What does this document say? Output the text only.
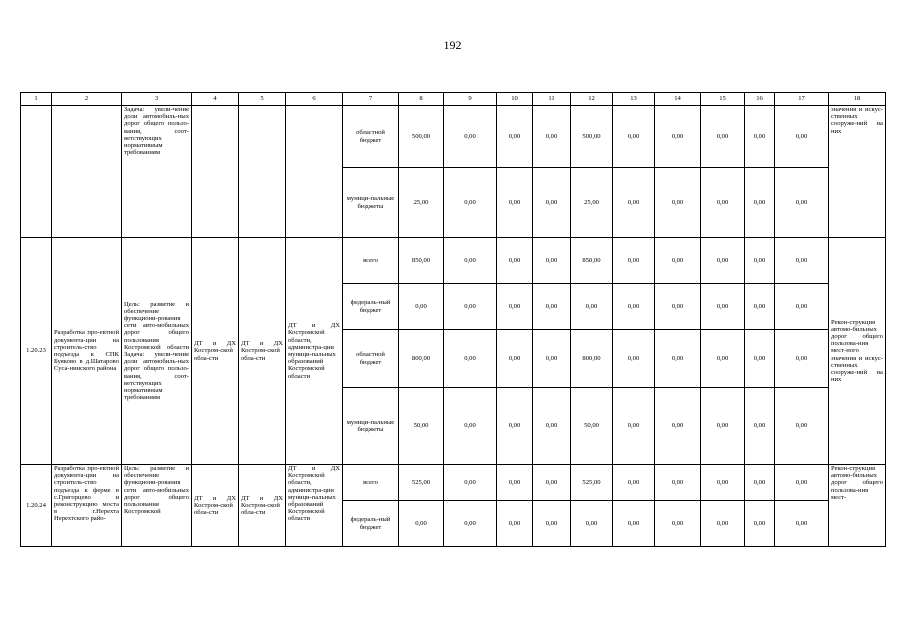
192
1	2	3	4	5	6	7	8	9	10	11	12	13	14	15	16	17	18
		Задача: увели-чение доли автомобиль-ных дорог общего пользо-вания, соот-ветствующих нормативным требованиям				областной бюджет	500,00	0,00	0,00	0,00	500,00	0,00	0,00	0,00	0,00	0,00	значения и искус-ственных сооруже-ний на них
						муници-пальные бюджеты	25,00	0,00	0,00	0,00	25,00	0,00	0,00	0,00	0,00	0,00	
1.20.23	Разработка про-ектной документа-ции на строитель-ство подъезда к СПК Буяково в д.Шатарово Сусa-нинского района	Цель: развитие и обеспечение функциони-рования сети авто-мобильных дорог общего пользования Костромской области Задача: увели-чение доли автомобиль-ных дорог общего пользо-вания, соот-ветствующих нормативным требованиям	ДТ и ДХ Костром-ской обла-сти	ДТ и ДХ Костром-ской обла-сти	ДТ и ДХ Костромской области, администра-ции муници-пальных образований Костромской области	всего	850,00	0,00	0,00	0,00	850,00	0,00	0,00	0,00	0,00	0,00	Рекон-струкция автомо-бильных дорог общего пользова-ния мест-ного значения и искус-ственных сооруже-ний на них
						федераль-ный бюджет	0,00	0,00	0,00	0,00	0,00	0,00	0,00	0,00	0,00	0,00	
						областной бюджет	800,00	0,00	0,00	0,00	800,00	0,00	0,00	0,00	0,00	0,00	
						муници-пальные бюджеты	50,00	0,00	0,00	0,00	50,00	0,00	0,00	0,00	0,00	0,00	
1.20.24	Разработка про-ектной документа-ции на строитель-ство подъезда к ферме в с.Григорцево и реконструкцию моста в г.Нерехта Нерехтского райо-	Цель: развитие и обеспечение функциони-рования сети авто-мобильных дорог общего пользования Костромской	ДТ и ДХ Костром-ской обла-сти	ДТ и ДХ Костром-ской обла-сти	ДТ и ДХ Костромской области, администра-ции муници-пальных образований Костромской области	всего	525,00	0,00	0,00	0,00	525,00	0,00	0,00	0,00	0,00	0,00	Рекон-струкция автомо-бильных дорог общего пользова-ния мест-
						федераль-ный бюджет	0,00	0,00	0,00	0,00	0,00	0,00	0,00	0,00	0,00	0,00	
